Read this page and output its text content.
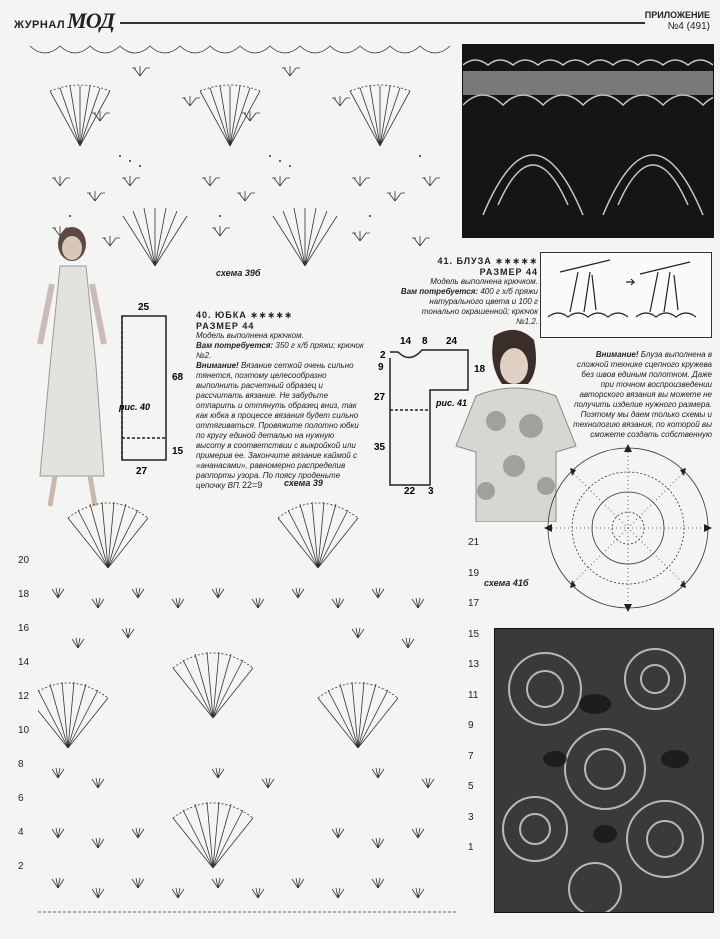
ЖУРНАЛМОД	ПРИЛОЖЕНИЕ
№4 (491)
схема 39б
25
68
15
27
рис. 40
40. ЮБКА ∗∗∗∗∗
РАЗМЕР 44
Модель выполнена крючком.
Вам потребуется: 350 г х/б пряжи; крючок №2.
Внимание! Вязание сеткой очень сильно тянется, поэтому целесообразно выполнить расчетный образец и рассчитать вязание. Не забудьте отпарить и оттянуть образец вниз, так как юбка в процессе вязания будет сильно оттягиваться. Провяжите полотно юбки по кругу единой деталью на нужную высоту в соответствии с выкройкой или примерив ее. Закончите вязание каймой с «ананасами», равномерно распределив раппорты узора. По поясу проденьте цепочку ВП.
41. БЛУЗА ∗∗∗∗∗
РАЗМЕР 44
Модель выполнена крючком.
Вам потребуется: 400 г х/б пряжи натурального цвета и 100 г тонально окрашенной; крючок №1,2.
2
14 8 24
9	18
27
35
22 3
рис. 41
Внимание! Блуза выполнена в сложной технике сцепного кружева без швов единым полотном. Даже при точном воспроизведении авторского вязания вы можете не получить изделие нужного размера. Поэтому мы даем только схемы и технологию вязания, по которой вы сможете создать собственную
схема 41б
схема 39
22=9
20
18
16
14
12
10
8
6
4
2
21
19
17
15
13
11
9
7
5
3
1
